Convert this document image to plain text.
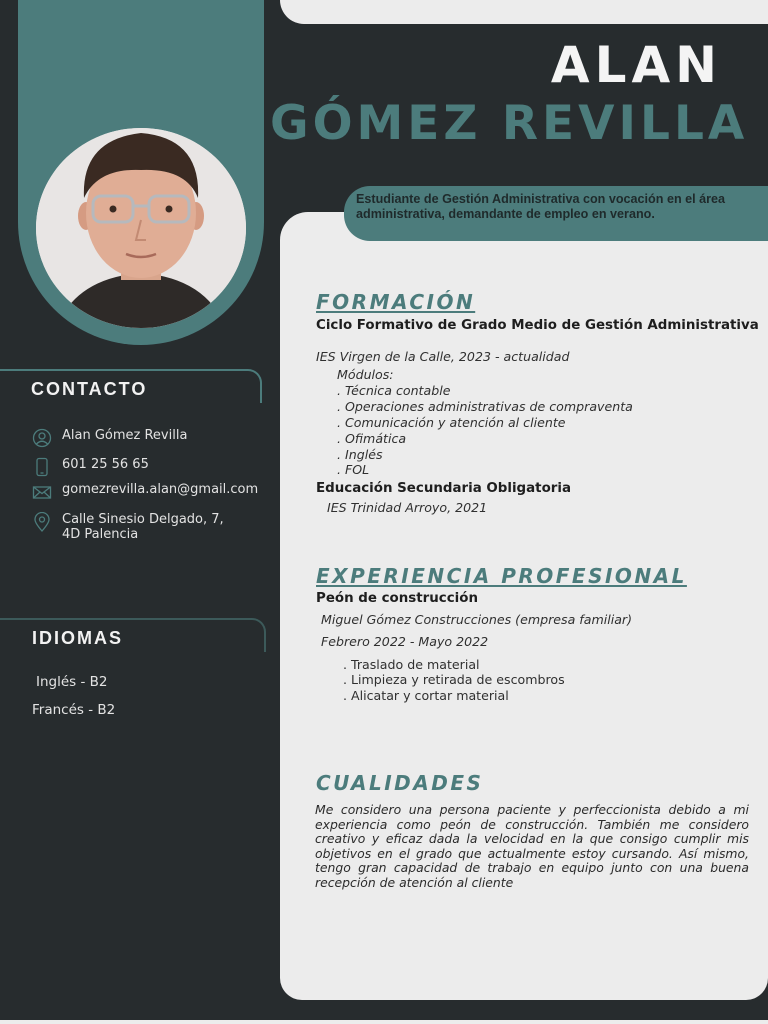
ALAN
GÓMEZ REVILLA
Estudiante de Gestión Administrativa con vocación en el área administrativa, demandante de empleo en verano.
CONTACTO
Alan Gómez Revilla
601 25 56 65
gomezrevilla.alan@gmail.com
Calle Sinesio Delgado, 7,
4D Palencia
IDIOMAS
Inglés - B2
Francés - B2
FORMACIÓN
Ciclo Formativo de Grado Medio de Gestión Administrativa
IES Virgen de la Calle, 2023 - actualidad
Módulos:
. Técnica contable
. Operaciones administrativas de compraventa
. Comunicación y atención al cliente
. Ofimática
. Inglés
. FOL
Educación Secundaria Obligatoria
IES Trinidad Arroyo, 2021
EXPERIENCIA PROFESIONAL
Peón de construcción
Miguel Gómez Construcciones (empresa familiar)
Febrero 2022 - Mayo 2022
. Traslado de material
. Limpieza y retirada de escombros
. Alicatar y cortar material
CUALIDADES
Me considero una persona paciente y perfeccionista debido a mi experiencia como peón de construcción. También me considero creativo y eficaz dada la velocidad en la que consigo cumplir mis objetivos en el grado que actualmente estoy cursando. Así mismo, tengo gran capacidad de trabajo en equipo junto con una buena recepción de atención al cliente
